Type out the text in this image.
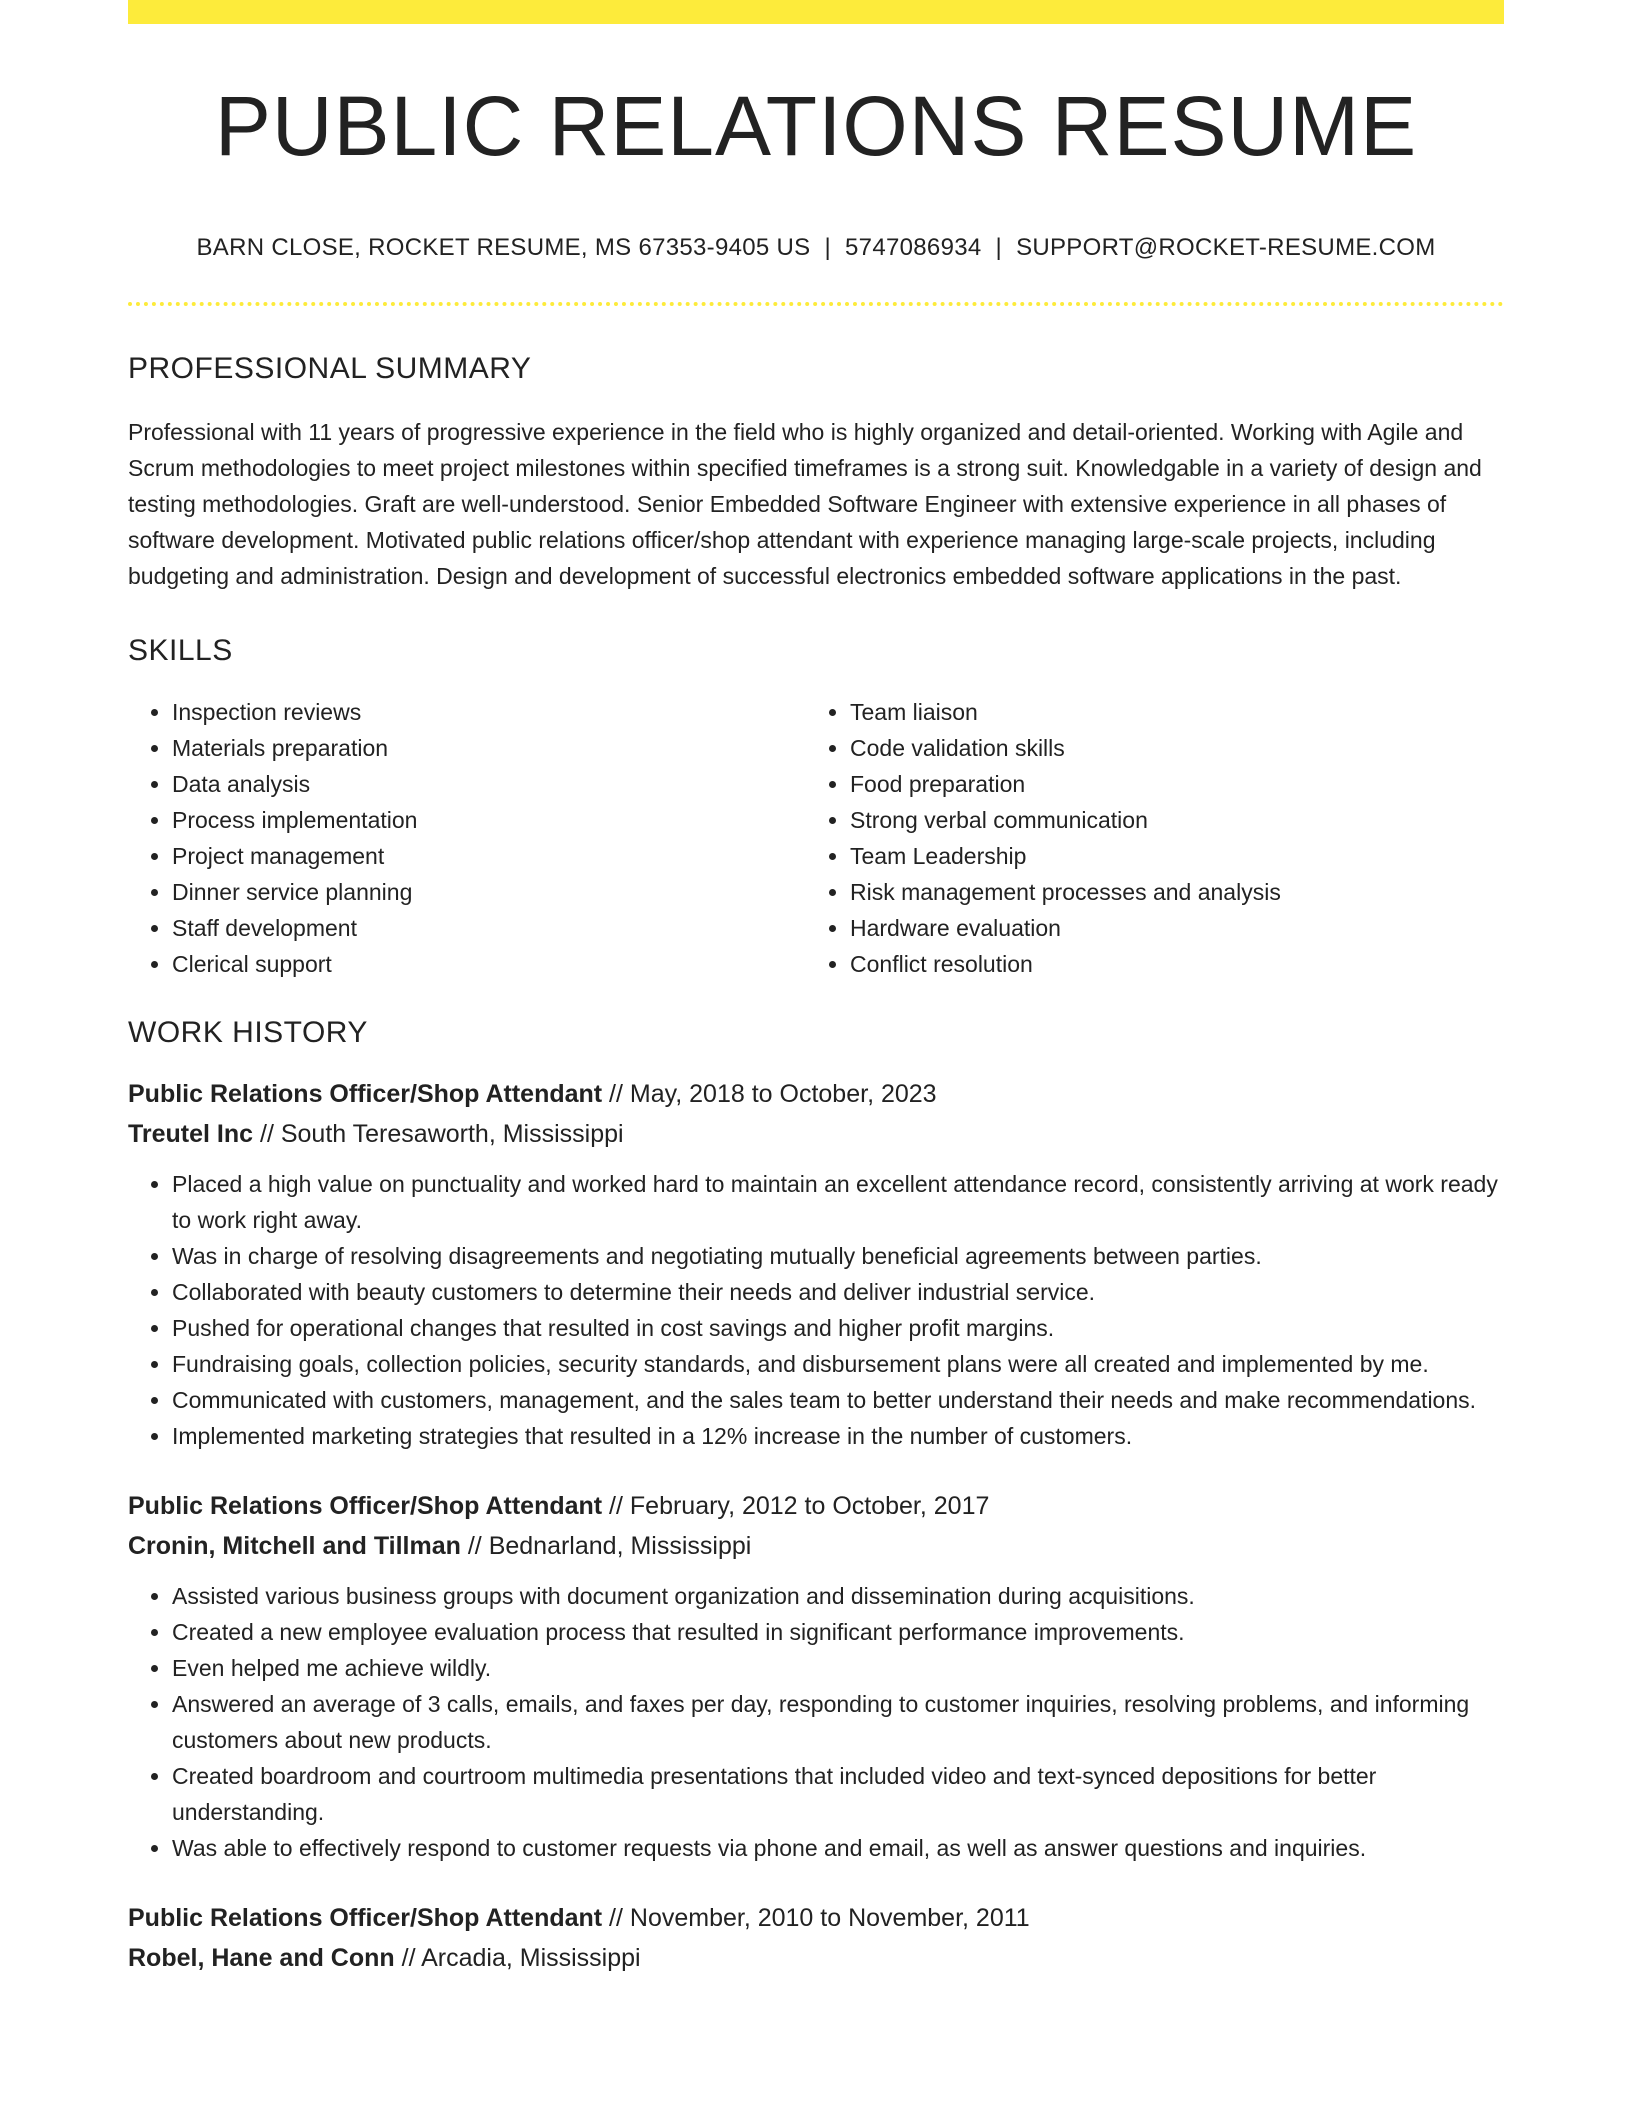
PUBLIC RELATIONS RESUME
BARN CLOSE, ROCKET RESUME, MS 67353-9405 US | 5747086934 | SUPPORT@ROCKET-RESUME.COM
PROFESSIONAL SUMMARY
Professional with 11 years of progressive experience in the field who is highly organized and detail-oriented. Working with Agile and Scrum methodologies to meet project milestones within specified timeframes is a strong suit. Knowledgable in a variety of design and testing methodologies. Graft are well-understood. Senior Embedded Software Engineer with extensive experience in all phases of software development. Motivated public relations officer/shop attendant with experience managing large-scale projects, including budgeting and administration. Design and development of successful electronics embedded software applications in the past.
SKILLS
• Inspection reviews
• Materials preparation
• Data analysis
• Process implementation
• Project management
• Dinner service planning
• Staff development
• Clerical support
• Team liaison
• Code validation skills
• Food preparation
• Strong verbal communication
• Team Leadership
• Risk management processes and analysis
• Hardware evaluation
• Conflict resolution
WORK HISTORY
Public Relations Officer/Shop Attendant // May, 2018 to October, 2023
Treutel Inc // South Teresaworth, Mississippi
• Placed a high value on punctuality and worked hard to maintain an excellent attendance record, consistently arriving at work ready to work right away.
• Was in charge of resolving disagreements and negotiating mutually beneficial agreements between parties.
• Collaborated with beauty customers to determine their needs and deliver industrial service.
• Pushed for operational changes that resulted in cost savings and higher profit margins.
• Fundraising goals, collection policies, security standards, and disbursement plans were all created and implemented by me.
• Communicated with customers, management, and the sales team to better understand their needs and make recommendations.
• Implemented marketing strategies that resulted in a 12% increase in the number of customers.
Public Relations Officer/Shop Attendant // February, 2012 to October, 2017
Cronin, Mitchell and Tillman // Bednarland, Mississippi
• Assisted various business groups with document organization and dissemination during acquisitions.
• Created a new employee evaluation process that resulted in significant performance improvements.
• Even helped me achieve wildly.
• Answered an average of 3 calls, emails, and faxes per day, responding to customer inquiries, resolving problems, and informing customers about new products.
• Created boardroom and courtroom multimedia presentations that included video and text-synced depositions for better understanding.
• Was able to effectively respond to customer requests via phone and email, as well as answer questions and inquiries.
Public Relations Officer/Shop Attendant // November, 2010 to November, 2011
Robel, Hane and Conn // Arcadia, Mississippi
